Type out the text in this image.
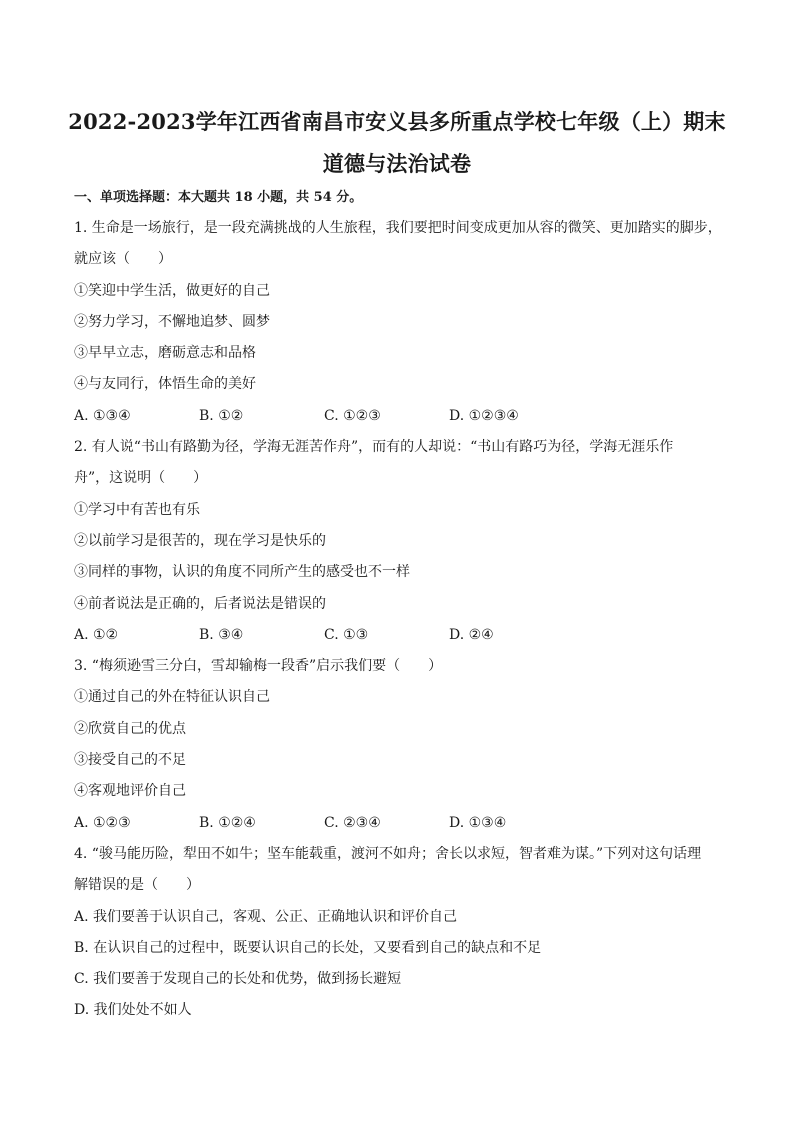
2022-2023学年江西省南昌市安义县多所重点学校七年级（上）期末
道德与法治试卷
一、单项选择题：本大题共 18 小题，共 54 分。
1. 生命是一场旅行，是一段充满挑战的人生旅程，我们要把时间变成更加从容的微笑、更加踏实的脚步，
就应该（　　）
①笑迎中学生活，做更好的自己
②努力学习，不懈地追梦、圆梦
③早早立志，磨砺意志和品格
④与友同行，体悟生命的美好
A. ①③④	B. ①②	C. ①②③	D. ①②③④
2. 有人说“书山有路勤为径，学海无涯苦作舟”，而有的人却说：“书山有路巧为径，学海无涯乐作
舟”，这说明（　　）
①学习中有苦也有乐
②以前学习是很苦的，现在学习是快乐的
③同样的事物，认识的角度不同所产生的感受也不一样
④前者说法是正确的，后者说法是错误的
A. ①②	B. ③④	C. ①③	D. ②④
3. “梅须逊雪三分白，雪却输梅一段香”启示我们要（　　）
①通过自己的外在特征认识自己
②欣赏自己的优点
③接受自己的不足
④客观地评价自己
A. ①②③	B. ①②④	C. ②③④	D. ①③④
4. “骏马能历险，犁田不如牛；坚车能载重，渡河不如舟；舍长以求短，智者难为谋。”下列对这句话理
解错误的是（　　）
A. 我们要善于认识自己，客观、公正、正确地认识和评价自己
B. 在认识自己的过程中，既要认识自己的长处，又要看到自己的缺点和不足
C. 我们要善于发现自己的长处和优势，做到扬长避短
D. 我们处处不如人
